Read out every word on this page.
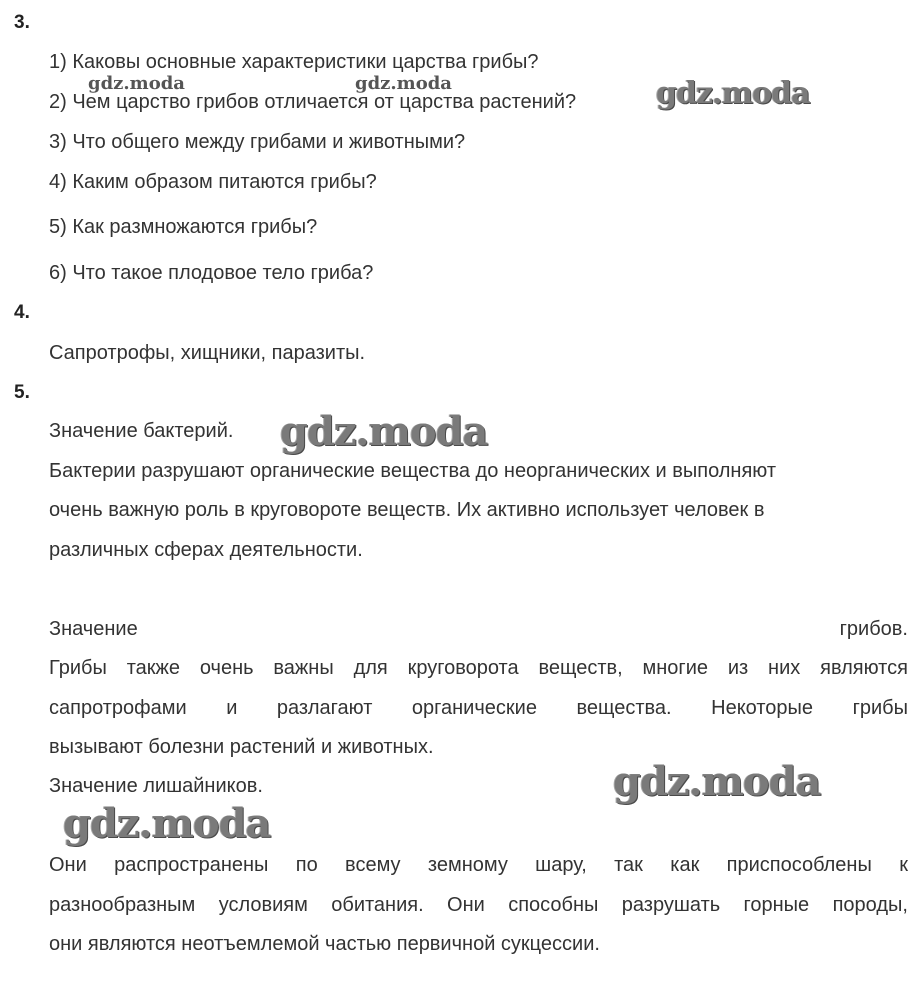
3.
1) Каковы основные характеристики царства грибы?
2) Чем царство грибов отличается от царства растений?
3) Что общего между грибами и животными?
4) Каким образом питаются грибы?
5) Как размножаются грибы?
6) Что такое плодовое тело гриба?
4.
Сапротрофы, хищники, паразиты.
5.
Значение бактерий.
Бактерии разрушают органические вещества до неорганических и выполняют
очень важную роль в круговороте веществ. Их активно использует человек в
различных сферах деятельности.
Значение	грибов.
Грибы также очень важны для круговорота веществ, многие из них являются
сапротрофами и разлагают органические вещества. Некоторые грибы
вызывают болезни растений и животных.
Значение лишайников.
Они распространены по всему земному шару, так как приспособлены к
разнообразным условиям обитания. Они способны разрушать горные породы,
они являются неотъемлемой частью первичной сукцессии.
gdz.moda	gdz.moda	gdz.moda
gdz.moda
gdz.moda
gdz.moda
